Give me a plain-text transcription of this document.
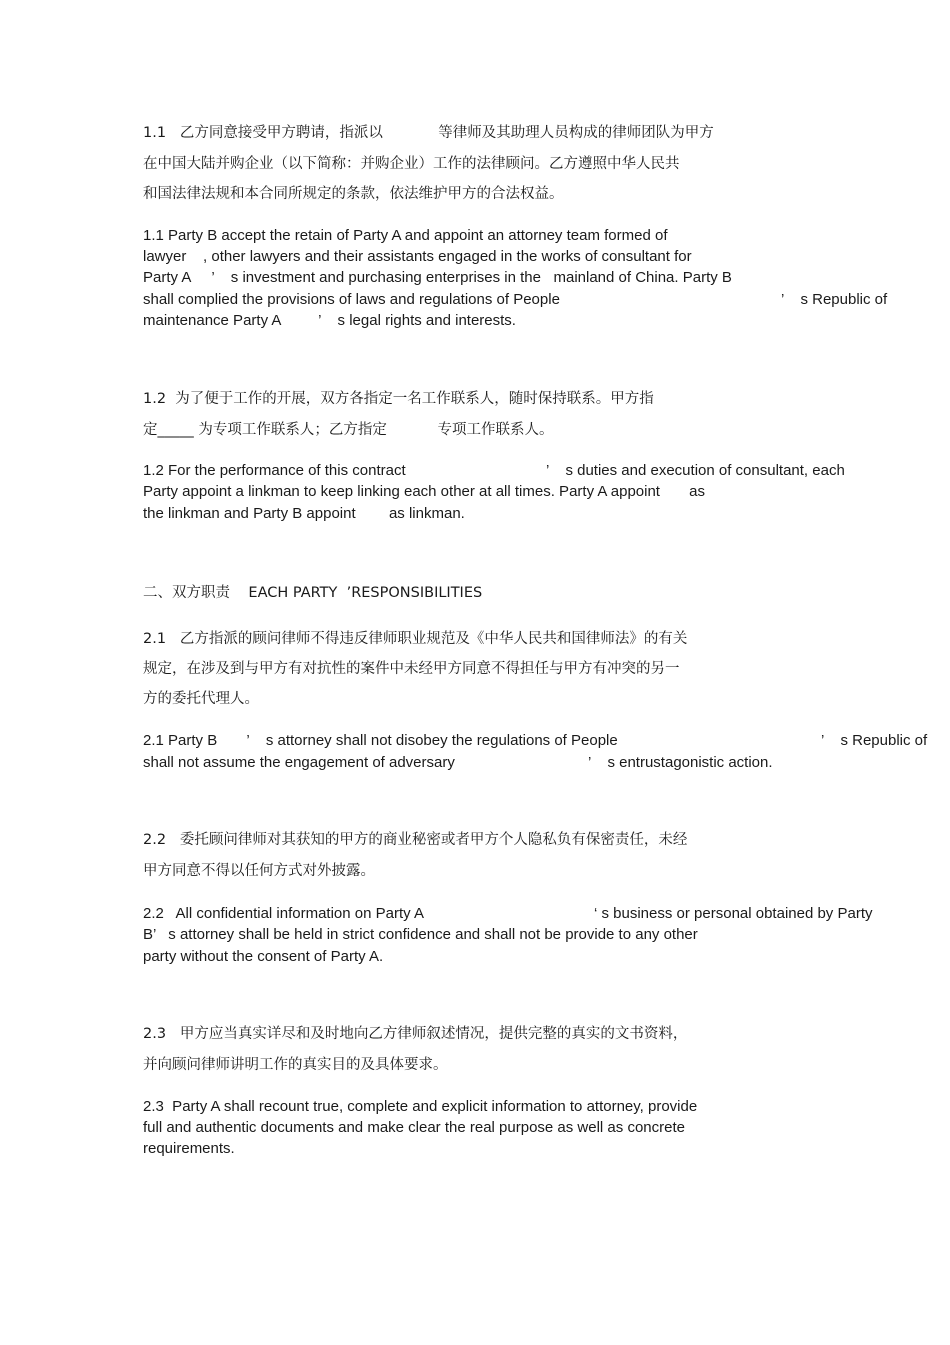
1.1   乙方同意接受甲方聘请，指派以            等律师及其助理人员构成的律师团队为甲方

在中国大陆并购企业（以下简称：并购企业）工作的法律顾问。乙方遵照中华人民共

和国法律法规和本合同所规定的条款，依法维护甲方的合法权益。

1.1 Party B accept the retain of Party A and appoint an attorney team formed of

lawyer    , other lawyers and their assistants engaged in the works of consultant for

Party A     ’    s investment and purchasing enterprises in the   mainland of China. Party B

shall complied the provisions of laws and regulations of People	’    s Republic of

maintenance Party A         ’    s legal rights and interests.

1.2  为了便于工作的开展，双方各指定一名工作联系人，随时保持联系。甲方指

定_____ 为专项工作联系人；乙方指定           专项工作联系人。

1.2 For the performance of this contract	’    s duties and execution of consultant, each

Party appoint a linkman to keep linking each other at all times. Party A appoint       as

the linkman and Party B appoint        as linkman.

二、双方职责    EACH PARTY  ’RESPONSIBILITIES

2.1   乙方指派的顾问律师不得违反律师职业规范及《中华人民共和国律师法》的有关

规定，在涉及到与甲方有对抗性的案件中未经甲方同意不得担任与甲方有冲突的另一

方的委托代理人。

2.1 Party B       ’    s attorney shall not disobey the regulations of People	’    s Republic of

shall not assume the engagement of adversary	’    s entrustagonistic action.

2.2   委托顾问律师对其获知的甲方的商业秘密或者甲方个人隐私负有保密责任，未经

甲方同意不得以任何方式对外披露。

2.2   All confidential information on Party A	‘ s business or personal obtained by Party

B’   s attorney shall be held in strict confidence and shall not be provide to any other

party without the consent of Party A.

2.3   甲方应当真实详尽和及时地向乙方律师叙述情况，提供完整的真实的文书资料，

并向顾问律师讲明工作的真实目的及具体要求。

2.3  Party A shall recount true, complete and explicit information to attorney, provide

full and authentic documents and make clear the real purpose as well as concrete

requirements.
